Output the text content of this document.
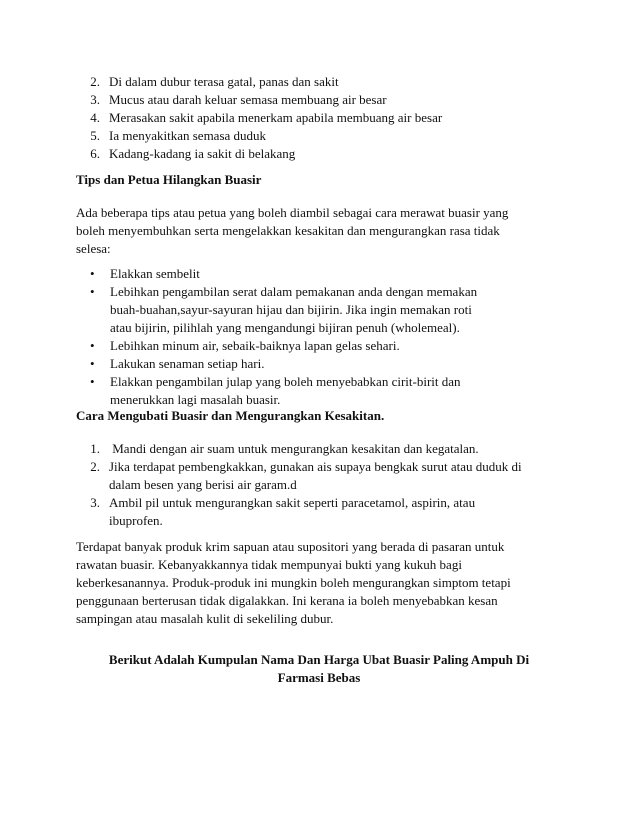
2 . Di dalam dubur terasa gatal, panas dan sakit
3 . Mucus atau darah keluar semasa membuang air besar
4 . Merasakan sakit apabila menerkam apabila membuang air besar
5 . Ia menyakitkan semasa duduk
6 . Kadang-kadang ia sakit di belakang
Tips dan Petua Hilangkan Buasir

Ada beberapa tips atau petua yang boleh diambil sebagai cara merawat buasir yang
boleh menyembuhkan serta mengelakkan kesakitan dan mengurangkan rasa tidak
selesa:

• Elakkan sembelit
• Lebihkan pengambilan serat dalam pemakanan anda dengan memakan
buah-buahan,sayur-sayuran hijau dan bijirin. Jika ingin memakan roti
atau bijirin, pilihlah yang mengandungi bijiran penuh (wholemeal).
• Lebihkan minum air, sebaik-baiknya lapan gelas sehari.
• Lakukan senaman setiap hari.
• Elakkan pengambilan julap yang boleh menyebabkan cirit-birit dan
menerukkan lagi masalah buasir.
Cara Mengubati Buasir dan Mengurangkan Kesakitan.
1 . Mandi dengan air suam untuk mengurangkan kesakitan dan kegatalan.
2 . Jika terdapat pembengkakkan, gunakan ais supaya bengkak surut atau duduk di
dalam besen yang berisi air garam.d
3 . Ambil pil untuk mengurangkan sakit seperti paracetamol, aspirin, atau
ibuprofen.

Terdapat banyak produk krim sapuan atau supositori yang berada di pasaran untuk
rawatan buasir. Kebanyakkannya tidak mempunyai bukti yang kukuh bagi
keberkesanannya. Produk-produk ini mungkin boleh mengurangkan simptom tetapi
penggunaan berterusan tidak digalakkan. Ini kerana ia boleh menyebabkan kesan
sampingan atau masalah kulit di sekeliling dubur.

Berikut Adalah Kumpulan Nama Dan Harga Ubat Buasir Paling Ampuh Di
Farmasi Bebas
